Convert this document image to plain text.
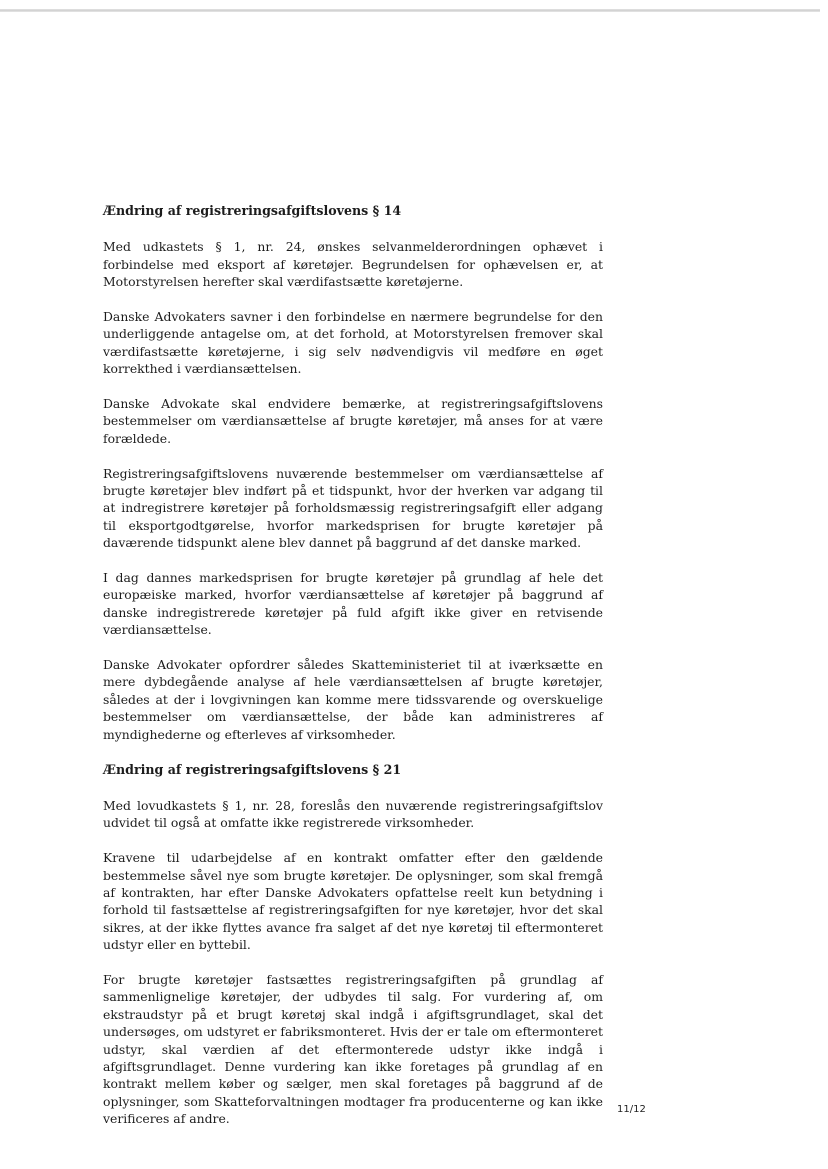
Ændring af registreringsafgiftslovens § 14

Med udkastets § 1, nr. 24, ønskes selvanmelderordningen ophævet i forbindelse med eksport af køretøjer. Begrundelsen for ophævelsen er, at Motorstyrelsen herefter skal værdifastsætte køretøjerne.

Danske Advokaters savner i den forbindelse en nærmere begrundelse for den underliggende antagelse om, at det forhold, at Motorstyrelsen fremover skal værdifastsætte køretøjerne, i sig selv nødvendigvis vil medføre en øget korrekthed i værdiansættelsen.

Danske Advokate skal endvidere bemærke, at registreringsafgiftslovens bestemmelser om værdiansættelse af brugte køretøjer, må anses for at være forældede.

Registreringsafgiftslovens nuværende bestemmelser om værdiansættelse af brugte køretøjer blev indført på et tidspunkt, hvor der hverken var adgang til at indregistrere køretøjer på forholdsmæssig registreringsafgift eller adgang til eksportgodtgørelse, hvorfor markedsprisen for brugte køretøjer på daværende tidspunkt alene blev dannet på baggrund af det danske marked.

I dag dannes markedsprisen for brugte køretøjer på grundlag af hele det europæiske marked, hvorfor værdiansættelse af køretøjer på baggrund af danske indregistrerede køretøjer på fuld afgift ikke giver en retvisende værdiansættelse.

Danske Advokater opfordrer således Skatteministeriet til at iværksætte en mere dybdegående analyse af hele værdiansættelsen af brugte køretøjer, således at der i lovgivningen kan komme mere tidssvarende og overskuelige bestemmelser om værdiansættelse, der både kan administreres af myndighederne og efterleves af virksomheder.

Ændring af registreringsafgiftslovens § 21

Med lovudkastets § 1, nr. 28, foreslås den nuværende registreringsafgiftslov udvidet til også at omfatte ikke registrerede virksomheder.

Kravene til udarbejdelse af en kontrakt omfatter efter den gældende bestemmelse såvel nye som brugte køretøjer. De oplysninger, som skal fremgå af kontrakten, har efter Danske Advokaters opfattelse reelt kun betydning i forhold til fastsættelse af registreringsafgiften for nye køretøjer, hvor det skal sikres, at der ikke flyttes avance fra salget af det nye køretøj til eftermonteret udstyr eller en byttebil.

For brugte køretøjer fastsættes registreringsafgiften på grundlag af sammenlignelige køretøjer, der udbydes til salg. For vurdering af, om ekstraudstyr på et brugt køretøj skal indgå i afgiftsgrundlaget, skal det undersøges, om udstyret er fabriksmonteret. Hvis der er tale om eftermonteret udstyr, skal værdien af det eftermonterede udstyr ikke indgå i afgiftsgrundlaget. Denne vurdering kan ikke foretages på grundlag af en kontrakt mellem køber og sælger, men skal foretages på baggrund af de oplysninger, som Skatteforvaltningen modtager fra producenterne og kan ikke verificeres af andre.

11/12
